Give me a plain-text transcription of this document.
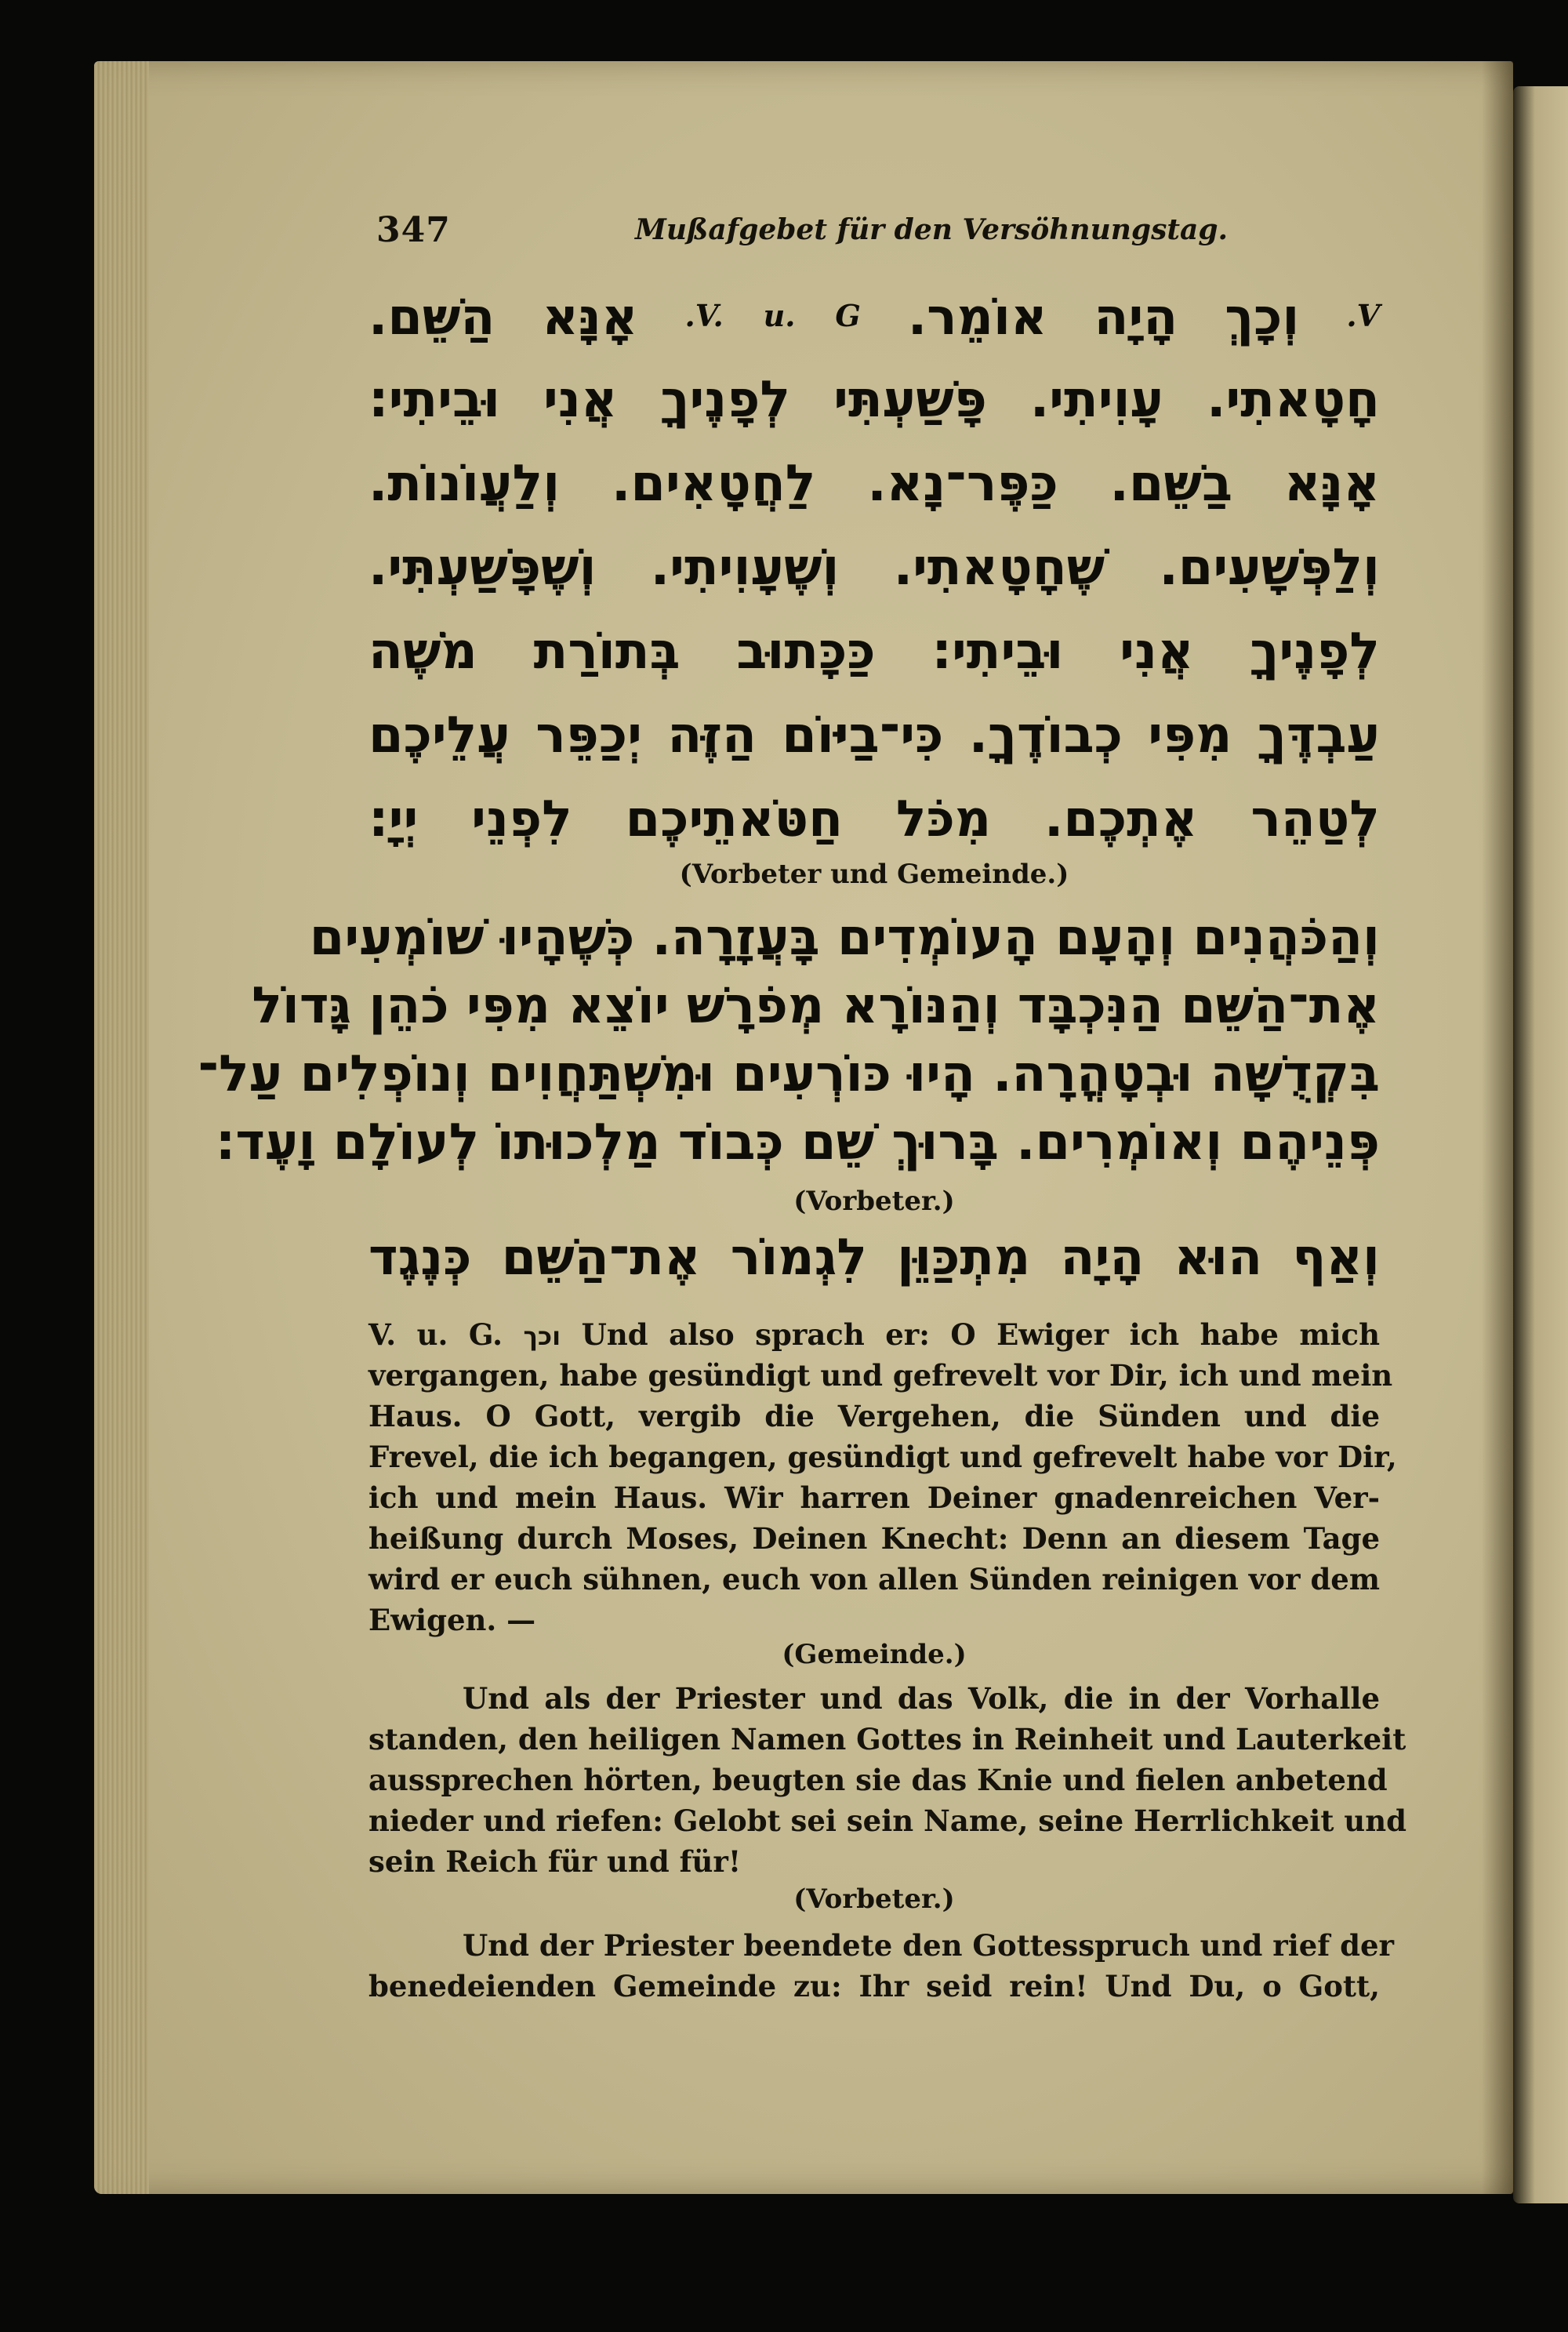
347	Mußafgebet für den Versöhnungstag.
V. וְכָךְ הָיָה אוֹמֵר. V. u. G. אָנָּא הַשֵּׁם.
חָטָאתִי. עָוִיתִי. פָּשַׁעְתִּי לְפָנֶיךָ אֲנִי וּבֵיתִי:
אָנָּא בַשֵּׁם. כַּפֶּר־נָא. לַחֲטָאִים. וְלַעֲוֹנוֹת.
וְלַפְּשָׁעִים. שֶׁחָטָאתִי. וְשֶׁעָוִיתִי. וְשֶׁפָּשַׁעְתִּי.
לְפָנֶיךָ אֲנִי וּבֵיתִי: כַּכָּתוּב בְּתוֹרַת מֹשֶׁה
עַבְדֶּךָ מִפִּי כְבוֹדֶךָ. כִּי־בַיּוֹם הַזֶּה יְכַפֵּר עֲלֵיכֶם
לְטַהֵר אֶתְכֶם. מִכֹּל חַטֹּאתֵיכֶם לִפְנֵי יְיָ:
(Vorbeter und Gemeinde.)
וְהַכֹּהֲנִים וְהָעָם הָעוֹמְדִים בָּעֲזָרָה. כְּשֶׁהָיוּ שׁוֹמְעִים
אֶת־הַשֵּׁם הַנִּכְבָּד וְהַנּוֹרָא מְפֹרָשׁ יוֹצֵא מִפִּי כֹהֵן גָּדוֹל
בִּקְדֻשָּׁה וּבְטָהֳרָה. הָיוּ כּוֹרְעִים וּמִשְׁתַּחֲוִים וְנוֹפְלִים עַל־
פְּנֵיהֶם וְאוֹמְרִים. בָּרוּךְ שֵׁם כְּבוֹד מַלְכוּתוֹ לְעוֹלָם וָעֶד:
(Vorbeter.)
וְאַף הוּא הָיָה מִתְכַּוֵּן לִגְמוֹר אֶת־הַשֵּׁם כְּנֶגֶד
V. u. G. וכך Und also sprach er: O Ewiger ich habe mich
vergangen, habe gesündigt und gefrevelt vor Dir, ich und mein
Haus. O Gott, vergib die Vergehen, die Sünden und die
Frevel, die ich begangen, gesündigt und gefrevelt habe vor Dir,
ich und mein Haus. Wir harren Deiner gnadenreichen Ver-
heißung durch Moses, Deinen Knecht: Denn an diesem Tage
wird er euch sühnen, euch von allen Sünden reinigen vor dem
Ewigen. —
(Gemeinde.)
Und als der Priester und das Volk, die in der Vorhalle
standen, den heiligen Namen Gottes in Reinheit und Lauterkeit
aussprechen hörten, beugten sie das Knie und fielen anbetend
nieder und riefen: Gelobt sei sein Name, seine Herrlichkeit und
sein Reich für und für!
(Vorbeter.)
Und der Priester beendete den Gottesspruch und rief der
benedeienden Gemeinde zu: Ihr seid rein! Und Du, o Gott,
